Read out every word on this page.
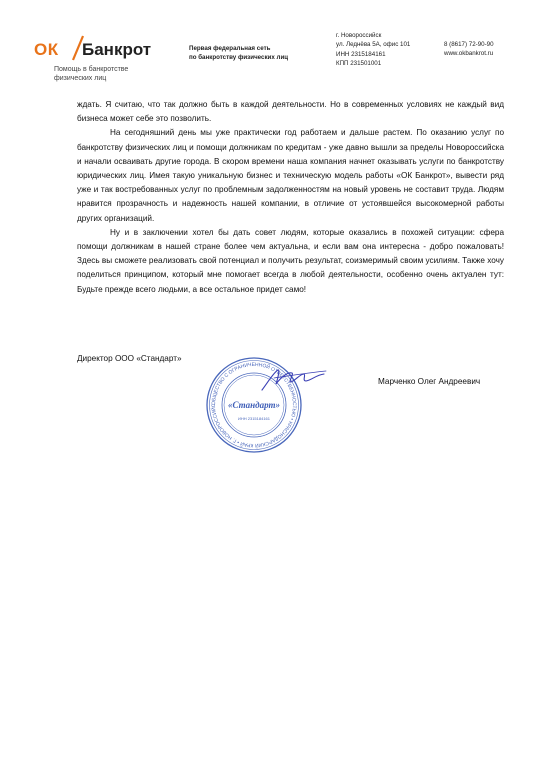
ОК Банкрот
Помощь в банкротстве
физических лиц
Первая федеральная сеть
по банкротству физических лиц
г. Новороссийск
ул. Леднёва 5А, офис 101
ИНН 2315184161
КПП 231501001
8 (8617) 72-90-90
www.okbankrot.ru

ждать. Я считаю, что так должно быть в каждой деятельности. Но в современных условиях не каждый вид бизнеса может себе это позволить.

На сегодняшний день мы уже практически год работаем и дальше растем. По оказанию услуг по банкротству физических лиц и помощи должникам по кредитам - уже давно вышли за пределы Новороссийска и начали осваивать другие города. В скором времени наша компания начнет оказывать услуги по банкротству юридических лиц. Имея такую уникальную бизнес и техническую модель работы «ОК Банкрот», вывести ряд уже и так востребованных услуг по проблемным задолженностям на новый уровень не составит труда. Людям нравится прозрачность и надежность нашей компании, в отличие от устоявшейся высокомерной работы других организаций.

Ну и в заключении хотел бы дать совет людям, которые оказались в похожей ситуации: сфера помощи должникам в нашей стране более чем актуальна, и если вам она интересна - добро пожаловать! Здесь вы сможете реализовать свой потенциал и получить результат, соизмеримый своим усилиям. Также хочу поделиться принципом, который мне помогает всегда в любой деятельности, особенно очень актуален тут: Будьте прежде всего людьми, а все остальное придет само!

Директор ООО «Стандарт»
Марченко Олег Андреевич
ОБЩЕСТВО С ОГРАНИЧЕННОЙ ОТВЕТСТВЕННОСТЬЮ • КРАСНОДАРСКИЙ КРАЙ • Г. НОВОРОССИЙС	«Стандарт»
ИНН 2315184161
